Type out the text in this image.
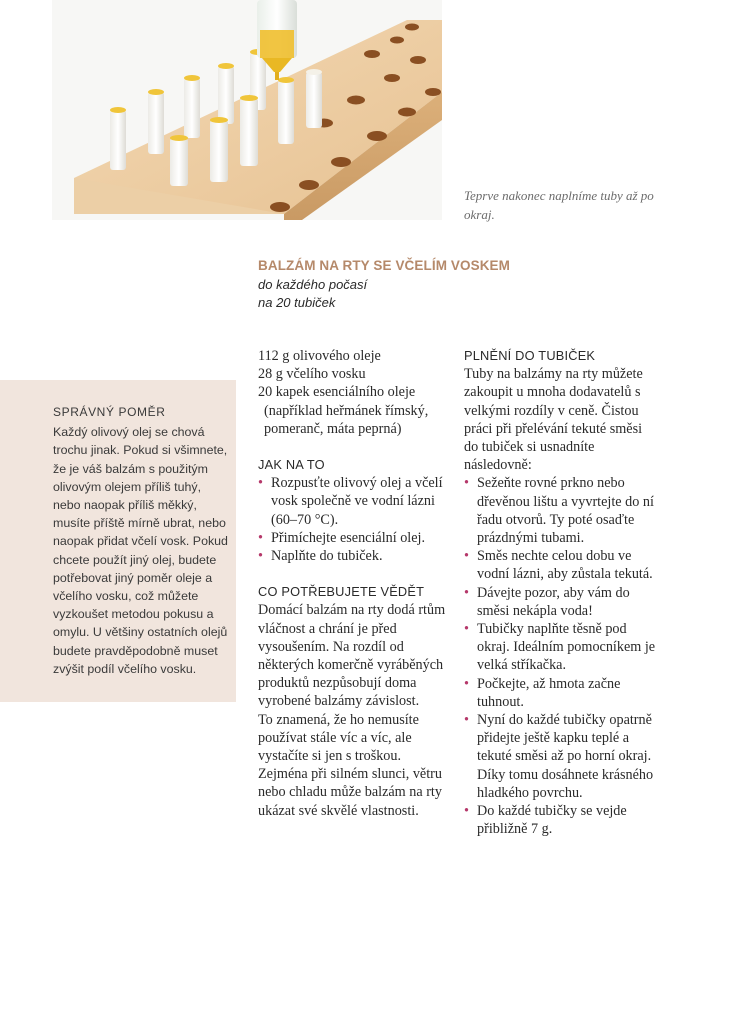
Teprve nakonec naplníme tuby až po okraj.
BALZÁM NA RTY SE VČELÍM VOSKEM
do každého počasí
na 20 tubiček
SPRÁVNÝ POMĚR
Každý olivový olej se chová trochu jinak. Pokud si všimnete, že je váš balzám s použitým olivovým olejem příliš tuhý, nebo naopak příliš měkký, musíte příště mírně ubrat, nebo naopak přidat včelí vosk. Pokud chcete použít jiný olej, budete potřebovat jiný poměr oleje a včelího vosku, což můžete vyzkoušet metodou pokusu a omylu. U většiny ostatních olejů budete pravděpodobně muset zvýšit podíl včelího vosku.
112 g olivového oleje
28 g včelího vosku
20 kapek esenciálního oleje
(například heřmánek římský,
pomeranč, máta peprná)
JAK NA TO
• Rozpusťte olivový olej a včelí vosk společně ve vodní lázni (60–70 °C).
• Přimíchejte esenciální olej.
• Naplňte do tubiček.
CO POTŘEBUJETE VĚDĚT
Domácí balzám na rty dodá rtům vláčnost a chrání je před vysoušením. Na rozdíl od některých komerčně vyráběných produktů nezpůsobují doma vyrobené balzámy závislost.
To znamená, že ho nemusíte používat stále víc a víc, ale vystačíte si jen s troškou. Zejména při silném slunci, větru nebo chladu může balzám na rty ukázat své skvělé vlastnosti.
PLNĚNÍ DO TUBIČEK
Tuby na balzámy na rty můžete zakoupit u mnoha dodavatelů s velkými rozdíly v ceně. Čistou práci při přelévání tekuté směsi do tubiček si usnadníte následovně:
• Sežeňte rovné prkno nebo dřevěnou lištu a vyvrtejte do ní řadu otvorů. Ty poté osaďte prázdnými tubami.
• Směs nechte celou dobu ve vodní lázni, aby zůstala tekutá.
• Dávejte pozor, aby vám do směsi nekápla voda!
• Tubičky naplňte těsně pod okraj. Ideálním pomocníkem je velká stříkačka.
• Počkejte, až hmota začne tuhnout.
• Nyní do každé tubičky opatrně přidejte ještě kapku teplé a tekuté směsi až po horní okraj. Díky tomu dosáhnete krásného hladkého povrchu.
• Do každé tubičky se vejde přibližně 7 g.
